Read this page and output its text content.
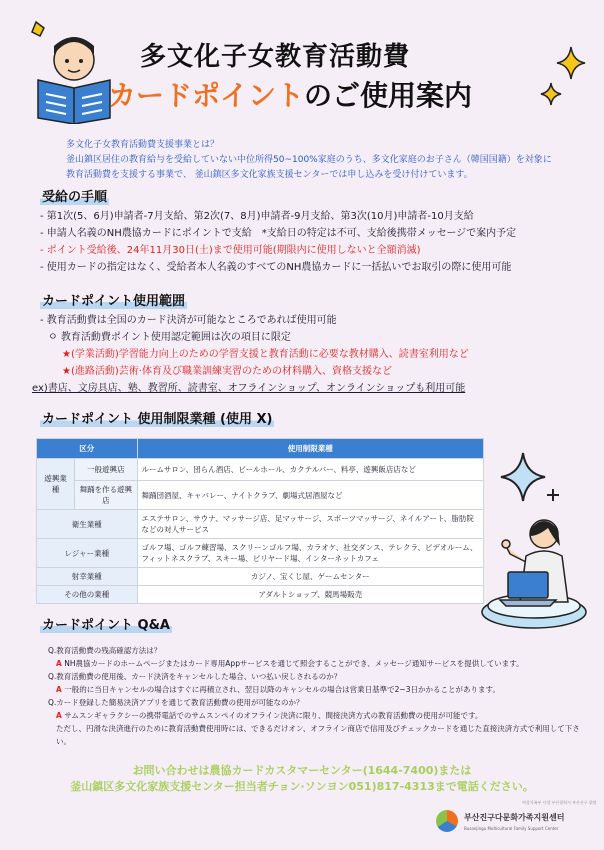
多文化子女教育活動費
カードポイントのご使用案内
多文化子女教育活動費支援事業とは？
釜山鎮区居住の教育給与を受給していない中位所得50~100%家庭のうち、多文化家庭のお子さん（韓国国籍）を対象に
教育活動費を支援する事業で、 釜山鎮区多文化家族支援センターでは申し込みを受け付けています。
受給の手順
- 第1次(5、6月)申請者-7月支給、第2次(7、8月)申請者-9月支給、第3次(10月)申請者-10月支給
- 申請人名義のNH農協カードにポイントで支給　*支給日の特定は不可、支給後携帯メッセージで案内予定
- ポイント受給後、24年11月30日(土)まで使用可能(期限内に使用しないと全額消滅)
- 使用カードの指定はなく、受給者本人名義のすべてのNH農協カードに一括払いでお取引の際に使用可能
カードポイント使用範囲
- 教育活動費は全国のカード決済が可能なところであれば使用可能
ㅇ 教育活動費ポイント使用認定範囲は次の項目に限定
★(学業活動)学習能力向上のための学習支援と教育活動に必要な教材購入、読書室利用など
★(進路活動)芸術·体育及び職業訓練実習のための材料購入、資格支援など
ex)書店、文房具店、塾、教習所、読書室、オフラインショップ、オンラインショップも利用可能
カードポイント 使用制限業種 (使用 X)
区分		使用制限業種
遊興業種	一般遊興店	ルームサロン、団らん酒店、ビールホール、カクテルバー、料亭、遊興飯店店など
	舞踊を作る遊興店	舞踊団酒屋、キャバレー、ナイトクラブ、劇場式居酒屋など
衛生業種		エステサロン、サウナ、マッサージ店、足マッサージ、スポーツマッサージ、ネイルアート、脂肪院などの対人サービス
レジャー業種		ゴルフ場、ゴルフ練習場、スクリーンゴルフ場、カラオケ、社交ダンス、テレクラ、ビデオルーム、フィットネスクラブ、スキー場、ビリヤード場、インターネットカフェ
射幸業種		カジノ、宝くじ屋、ゲームセンター
その他の業種		アダルトショップ、競馬場販売
カードポイント Q&A
Q.教育活動費の残高確認方法は？
A NH農協カードのホームページまたはカード専用Appサービスを通じて照会することができ、メッセージ通知サービスを提供しています。
Q.教育活動費の使用後、カード決済をキャンセルした場合、いつ払い戻しされるのか？
A 一般的に当日キャンセルの場合はすぐに再積立され、翌日以降のキャンセルの場合は営業日基準で2~3日かかることがあります。
Q.カード登録した簡易決済アプリを通じて教育活動費の使用が可能なのか？
A サムスンギャラクシーの携帯電話でのサムスンペイのオフライン決済に限り、間接決済方式の教育活動費の使用が可能です。
ただし、円滑な決済進行のために教育活動費使用時には、できるだけオン、オフライン商店で信用及びチェックカードを通じた直接決済方式で利用して下さい。
お問い合わせは農協カードカスタマーセンター(1644-7400)または
釜山鎮区多文化家族支援センター担当者チョン·ソンヨン051)817-4313まで電話ください。
여성가족부 사업 부산광역시 부산진구 위탁
부산진구다문화가족지원센터
Busanjingu Multicultural Family Support Center
